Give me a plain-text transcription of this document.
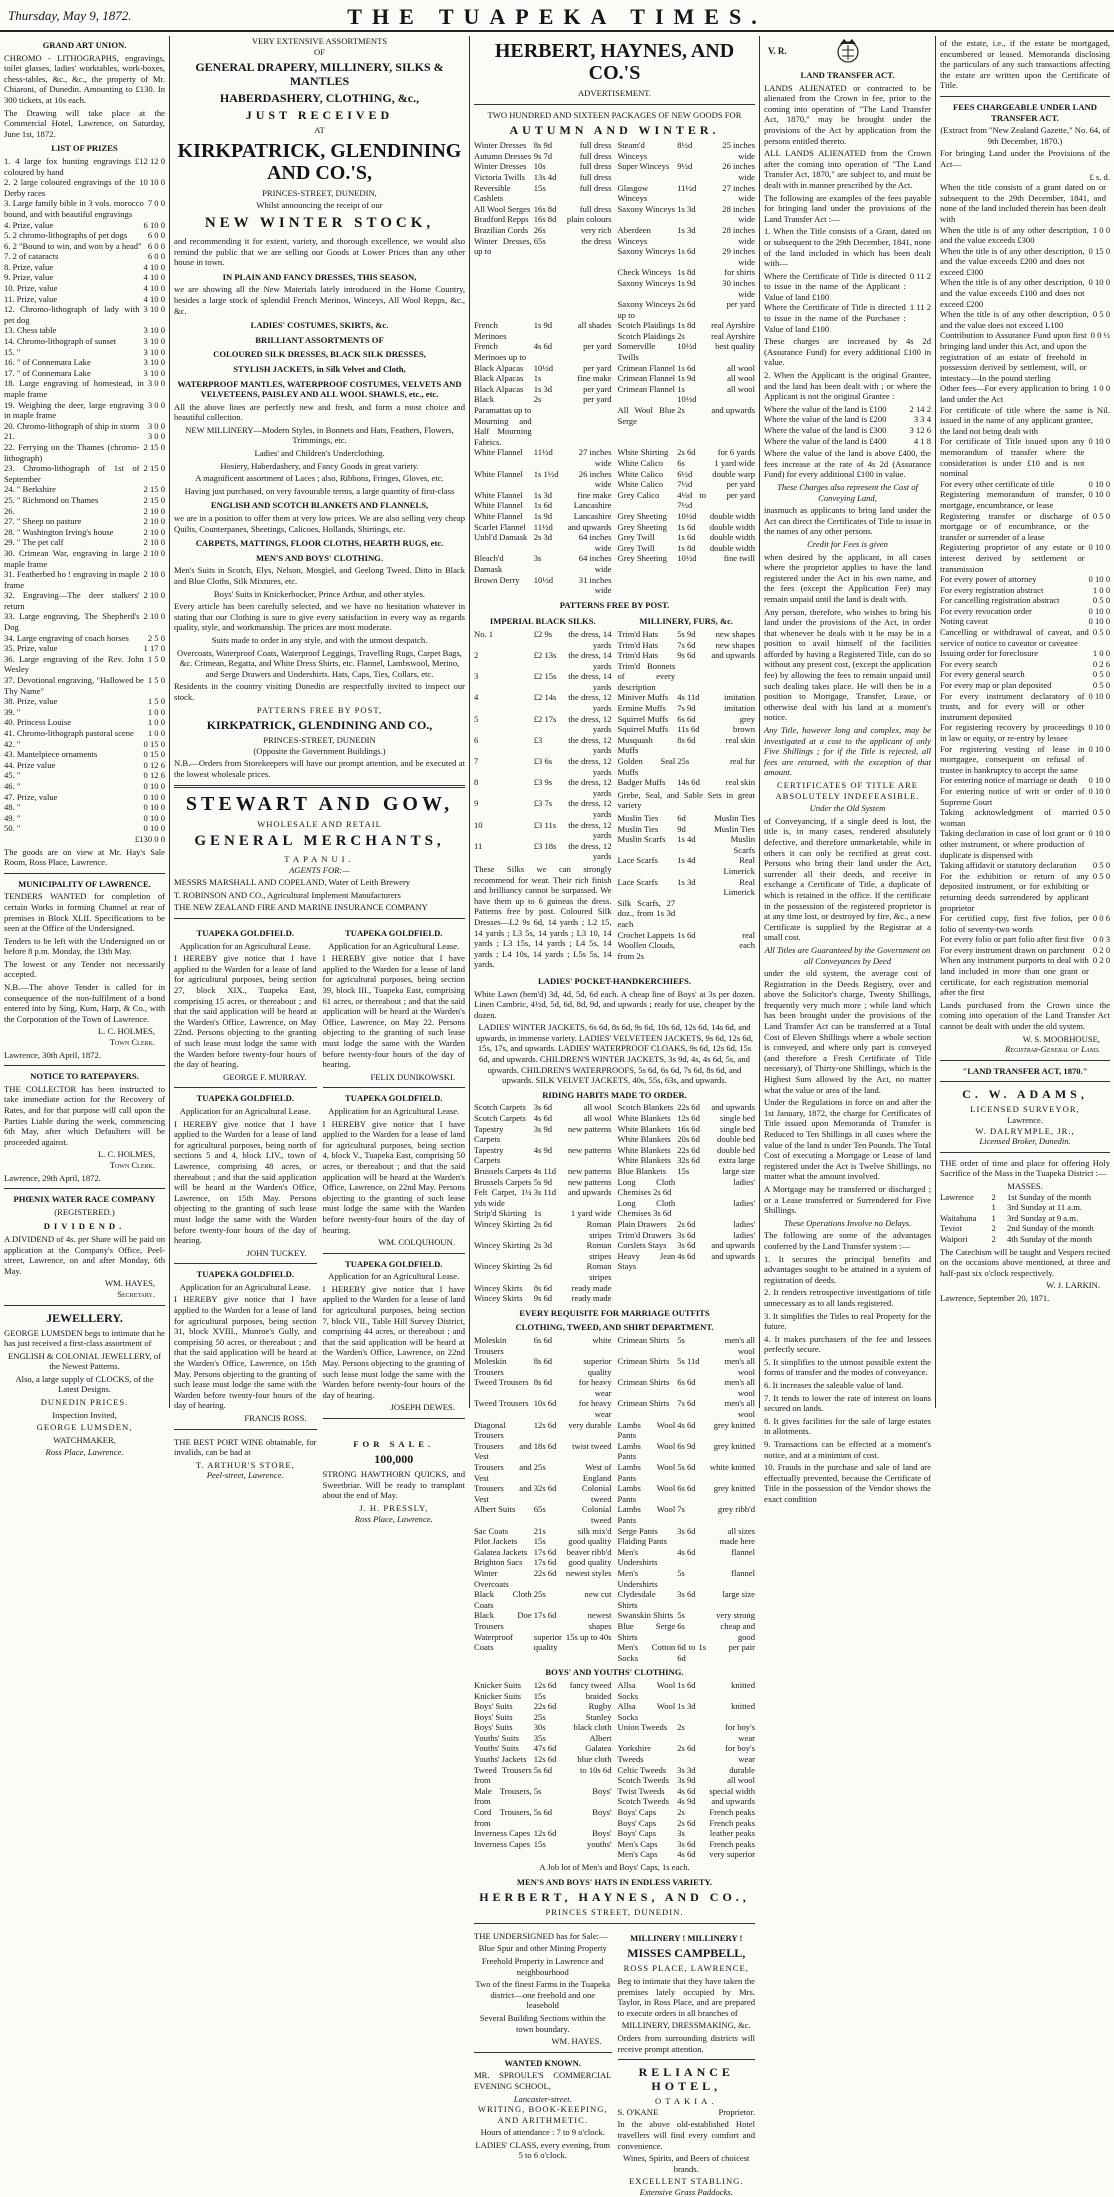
Thursday, May 9, 1872.	THE TUAPEKA TIMES.
GRAND ART UNION.

CHROMO - LITHOGRAPHS, engravings, toilet glasses, ladies' worktables, work-boxes, chess-tables, &c., &c., the property of Mr. Chiaroni, of Dunedin. Amounting to £130. In 300 tickets, at 10s each.

The Drawing will take place at the Commercial Hotel, Lawrence, on Saturday, June 1st, 1872.

LIST OF PRIZES
1. 4 large fox hunting engravings coloured by hand
£12 12 0
2. 2 large coloured engravings of the Derby races
10 10 0
3. Large family bible in 3 vols. morocco bound, and with beautiful engravings
7 0 0
4. Prize, value	6 10 0
5. 2 chromo-lithographs of pet dogs 6 0 0
6. 2 "Bound to win, and won by a head" 6 0 0
7. 2 of cataracts	6 0 0
8. Prize, value	4 10 0
9. Prize, value	4 10 0
10. Prize, value	4 10 0
11. Prize, value	4 10 0
12. Chromo-lithograph of lady with pet dog
3 10 0
13. Chess table	3 10 0
14. Chromo-lithograph of sunset	3 10 0
15. "	3 10 0
16. " of Connemara Lake	3 10 0
17. " of Connemara Lake	3 10 0
18. Large engraving of homestead, in maple frame
3 0 0
19. Weighing the deer, large engraving in maple frame
3 0 0
20. Chromo-lithograph of ship in storm 3 0 0
21.	3 0 0
22. Ferrying on the Thames (chromo-lithograph)
2 15 0
23. Chromo-lithograph of 1st of September
2 15 0
24. " Berkshire	2 15 0
25. " Richmond on Thames	2 15 0
26.	2 10 0
27. " Sheep on pasture	2 10 0
28. " Washington Irving's house	2 10 0
29. " The pet calf	2 10 0
30. Crimean War, engraving in large maple frame
2 10 0
31. Featherbed ho ! engraving in maple frame
2 10 0
32. Engraving—The deer stalkers' return
2 10 0
33. Large engraving, The Shepherd's Dog
2 10 0
34. Large engraving of coach horses 2 5 0
35. Prize, value	1 17 0
36. Large engraving of the Rev. John Wesley
1 5 0
37. Devotional engraving, "Hallowed be Thy Name"
1 5 0
38. Prize, value	1 5 0
39. "	1 0 0
40. Princess Louise	1 0 0
41. Chromo-lithograph pastoral scene 1 0 0
42. "	0 15 0
43. Mantelpiece ornaments	0 15 0
44. Prize value	0 12 6
45. "	0 12 6
46. "	0 10 0
47. Prize, value	0 10 0
48. "	0 10 0
49. "	0 10 0
50. "	0 10 0
£130 0 0

The goods are on view at Mr. Hay's Sale Room, Ross Place, Lawrence.

MUNICIPALITY OF LAWRENCE.

TENDERS WANTED for completion of certain Works in forming Channel at rear of premises in Block XLII. Specifications to be seen at the Office of the Undersigned.

Tenders to be left with the Undersigned on or before 8 p.m. Monday, the 13th May.

The lowest or any Tender not necessarily accepted.

N.B.—The above Tender is called for in consequence of the non-fulfilment of a bond entered into by Sing, Kum, Harp, & Co., with the Corporation of the Town of Lawrence.

L. C. HOLMES,
Town Clerk.

Lawrence, 30th April, 1872.

NOTICE TO RATEPAYERS.

THE COLLECTOR has been instructed to take immediate action for the Recovery of Rates, and for that purpose will call upon the Parties Liable during the week, commencing 6th May, after which Defaulters will be proceeded against.

L. C. HOLMES,
Town Clerk.

Lawrence, 29th April, 1872.

PHŒNIX WATER RACE COMPANY
(REGISTERED.)
DIVIDEND.

A DIVIDEND of 4s. per Share will be paid on application at the Company's Office, Peel-street, Lawrence, on and after Monday, 6th May.

WM. HAYES,
Secretary.
JEWELLERY.

GEORGE LUMSDEN begs to intimate that he has just received a first-class assortment of

ENGLISH & COLONIAL JEWELLERY, of the Newest Patterns.

Also, a large supply of CLOCKS, of the Latest Designs.

DUNEDIN PRICES.

Inspection Invited,

GEORGE LUMSDEN,

WATCHMAKER,

Ross Place, Lawrence.

VERY EXTENSIVE ASSORTMENTS
OF
GENERAL DRAPERY, MILLINERY, SILKS & MANTLES
HABERDASHERY, CLOTHING, &c.,
JUST RECEIVED
AT
KIRKPATRICK, GLENDINING AND CO.'S,
PRINCES-STREET, DUNEDIN,

Whilst announcing the receipt of our

NEW WINTER STOCK,

and recommending it for extent, variety, and thorough excellence, we would also remind the public that we are selling our Goods at Lower Prices than any other house in town.

IN PLAIN AND FANCY DRESSES, THIS SEASON,

we are showing all the New Materials lately introduced in the Home Country, besides a large stock of splendid French Merinos, Winceys, All Wool Repps, &c., &c.

LADIES' COSTUMES, SKIRTS, &c.
BRILLIANT ASSORTMENTS OF
COLOURED SILK DRESSES, BLACK SILK DRESSES,
STYLISH JACKETS, in Silk Velvet and Cloth,
WATERPROOF MANTLES, WATERPROOF COSTUMES, VELVETS AND VELVETEENS, PAISLEY AND ALL WOOL SHAWLS, etc., etc.

All the above lines are perfectly new and fresh, and form a most choice and beautiful collection.

NEW MILLINERY—Modern Styles, in Bonnets and Hats, Feathers, Flowers, Trimmings, etc.

Ladies' and Children's Underclothing.

Hosiery, Haberdashery, and Fancy Goods in great variety.

A magnificent assortment of Laces ; also, Ribbons, Fringes, Gloves, etc.

Having just purchased, on very favourable terms, a large quantity of first-class

ENGLISH AND SCOTCH BLANKETS AND FLANNELS,

we are in a position to offer them at very low prices. We are also selling very cheap Quilts, Counterpanes, Sheetings, Calicoes, Hollands, Shirtings, etc.

CARPETS, MATTINGS, FLOOR CLOTHS, HEARTH RUGS, etc.
MEN'S AND BOYS' CLOTHING.

Men's Suits in Scotch, Elys, Nelson, Mosgiel, and Geelong Tweed. Ditto in Black and Blue Cloths, Silk Mixtures, etc.

Boys' Suits in Knickerbocker, Prince Arthur, and other styles.

Every article has been carefully selected, and we have no hesitation whatever in stating that our Clothing is sure to give every satisfaction in every way as regards quality, style, and workmanship. The prices are most moderate.

Suits made to order in any style, and with the utmost despatch.

Overcoats, Waterproof Coats, Waterproof Leggings, Travelling Rugs, Carpet Bags, &c. Crimean, Regatta, and White Dress Shirts, etc. Flannel, Lambswool, Merino, and Serge Drawers and Undershirts. Hats, Caps, Ties, Collars, etc.

Residents in the country visiting Dunedin are respectfully invited to inspect our stock.

PATTERNS FREE BY POST,
KIRKPATRICK, GLENDINING AND CO.,
PRINCES-STREET, DUNEDIN
(Opposite the Government Buildings.)

N.B.—Orders from Storekeepers will have our prompt attention, and be executed at the lowest wholesale prices.

STEWART AND GOW,
WHOLESALE AND RETAIL
GENERAL MERCHANTS,
TAPANUI.
AGENTS FOR:—

MESSRS MARSHALL AND COPELAND, Water of Leith Brewery

T. ROBINSON AND CO., Agricultural Implement Manufacturers

THE NEW ZEALAND FIRE AND MARINE INSURANCE COMPANY

TUAPEKA GOLDFIELD.
Application for an Agricultural Lease.

I HEREBY give notice that I have applied to the Warden for a lease of land for agricultural purposes, being section 27, block XIX., Tuapeka East, comprising 15 acres, or thereabout ; and that the said application will be heard at the Warden's Office, Lawrence, on May 22nd. Persons objecting to the granting of such lease must lodge the same with the Warden before twenty-four hours of the day of hearing.

GEORGE F. MURRAY.
TUAPEKA GOLDFIELD.
Application for an Agricultural Lease.

I HEREBY give notice that I have applied to the Warden for a lease of land for agricultural purposes, being north of sections 5 and 4, block LIV., town of Lawrence, comprising 48 acres, or thereabout ; and that the said application will be heard at the Warden's Office, Lawrence, on 15th May. Persons objecting to the granting of such lease must lodge the same with the Warden before twenty-four hours of the day of hearing.

JOHN TUCKEY.
TUAPEKA GOLDFIELD.
Application for an Agricultural Lease.

I HEREBY give notice that I have applied to the Warden for a lease of land for agricultural purposes, being section 31, block XVIII., Munroe's Gully, and comprising 50 acres, or thereabout ; and that the said application will be heard at the Warden's Office, Lawrence, on 15th May. Persons objecting to the granting of such lease must lodge the same with the Warden before twenty-four hours of the day of hearing.

FRANCIS ROSS.
TUAPEKA GOLDFIELD.
Application for an Agricultural Lease.

I HEREBY give notice that I have applied to the Warden for a lease of land for agricultural purposes, being section 39, block III., Tuapeka East, comprising 61 acres, or thereabout ; and that the said application will be heard at the Warden's Office, Lawrence, on May 22. Persons objecting to the granting of such lease must lodge the same with the Warden before twenty-four hours of the day of hearing.

FELIX DUNIKOWSKI.
TUAPEKA GOLDFIELD.
Application for an Agricultural Lease.

I HEREBY give notice that I have applied to the Warden for a lease of land for agricultural purposes, being section 4, block V., Tuapeka East, comprising 50 acres, or thereabout ; and that the said application will be heard at the Warden's Office, Lawrence, on 22nd May. Persons objecting to the granting of such lease must lodge the same with the Warden before twenty-four hours of the day of hearing.

WM. COLQUHOUN.
TUAPEKA GOLDFIELD.
Application for an Agricultural Lease.

I HEREBY give notice that I have applied to the Warden for a lease of land for agricultural purposes, being section 7, block VII., Table Hill Survey District, comprising 44 acres, or thereabout ; and that the said application will be heard at the Warden's Office, Lawrence, on 22nd May. Persons objecting to the granting of such lease must lodge the same with the Warden before twenty-four hours of the day of hearing.

JOSEPH DEWES.

THE BEST PORT WINE obtainable, for invalids, can be had at

T. ARTHUR'S STORE,
Peel-street, Lawrence.
FOR SALE.
100,000

STRONG HAWTHORN QUICKS, and Sweetbriar. Will be ready to transplant about the end of May.

J. H. PRESSLY,
Ross Place, Lawrence.
HERBERT, HAYNES, AND CO.'S
ADVERTISEMENT.
TWO HUNDRED AND SIXTEEN PACKAGES OF NEW GOODS FOR
AUTUMN AND WINTER.
Winter Dresses 8s 9d	full dress
Autumn Dresses 9s 7d	full dress
Winter Dresses 10s	full dress
Victoria Twills	13s 4d	full dress
Reversible Cashlets
15s	full dress
All Wool Serges 16s 8d	full dress
Bradford Repps 16s 8d	plain colours
Brazilian Cords 26s	very rich
Winter Dresses, up to
65s	the dress
Steam'd Winceys
8½d	25 inches wide
Super Winceys 9½d	26 inches wide
Glasgow Winceys
11½d	27 inches wide
Saxony Winceys 1s 3d	28 inches wide
Aberdeen Winceys
1s 3d	28 inches wide
Saxony Winceys 1s 6d	29 inches wide
Check Winceys 1s 8d	for shirts
Saxony Winceys 1s 9d	30 inches wide
Saxony Winceys up to
2s 6d	per yard
French Merinoes
1s 9d	all shades
French Merinoes up to
4s 6d	per yard
Black Alpacas	10½d	per yard
Black Alpacas	1s	fine make
Black Alpacas	1s 3d	per yard
Black Paramattas up to
2s	per yard
Mourning and Half Mourning Fabrics.
Scotch Plaidings 1s 8d	real Ayrshire
Scotch Plaidings 2s	real Ayrshire
Somerville Twills
10½d	best quality
Crimean Flannel 1s 6d	all wool
Crimean Flannel 1s 9d	all wool
Crimean Flannel 1s 10½d
all wool
All Wool Blue Serge
2s	and upwards
White Flannel	11½d	27 inches wide
White Flannel	1s 1½d	26 inches wide
White Flannel	1s 3d	fine make
White Flannel	1s 6d	Lancashire
White Flannel	1s 9d	Lancashire
Scarlet Flannel 11½d	and upwards
Unbl'd Damask 2s 3d	64 inches wide
Bleach'd Damask
3s	64 inches wide
Brown Derry	10½d	31 inches wide
White Shirting	2s 6d	for 6 yards
White Calico	6s	1 yard wide
White Calico	6½d	double warp
White Calico	7½d	per yard
Grey Calico	4½d to 7½d
per yard
Grey Sheeting	10½d	double width
Grey Sheeting	1s 6d	double width
Grey Twill	1s 6d	double width
Grey Twill	1s 8d	double width
Grey Sheeting	10½d	fine twill
PATTERNS FREE BY POST.
IMPERIAL BLACK SILKS.
No. 1	£2 9s	the dress, 14 yards
2	£2 13s	the dress, 14 yards
3	£2 15s	the dress, 14 yards
4	£2 14s	the dress, 12 yards
5	£2 17s	the dress, 12 yards
6	£3	the dress, 12 yards
7	£3 6s	the dress, 12 yards
8	£3 9s	the dress, 12 yards
9	£3 7s	the dress, 12 yards
10	£3 11s	the dress, 12 yards
11	£3 18s	the dress, 12 yards

These Silks we can strongly recommend for wear. Their rich finish and brilliancy cannot be surpassed. We have them up to 6 guineas the dress. Patterns free by post. Coloured Silk Dresses—L2 9s 6d, 14 yards ; L2 15, 14 yards ; L3 5s, 14 yards ; L3 10, 14 yards ; L3 15s, 14 yards ; L4 5s, 14 yards ; L4 10s, 14 yards ; L5s 5s, 14 yards.

MILLINERY, FURS, &c.
Trim'd Hats	5s 9d	new shapes
Trim'd Hats	7s 6d	new shapes
Trim'd Hats	9s 6d	and upwards
Trim'd Bonnets of every description
Miniver Muffs	4s 11d	imitation
Ermine Muffs	7s 9d	imitation
Squirrel Muffs	6s 6d	grey
Squirrel Muffs	11s 6d	brown
Musquash Muffs
8s 6d	real skin
Golden Seal Muffs
25s	real fur
Badger Muffs	14s 6d	real skin

Grebe, Seal, and Sable Sets in great variety

Muslin Ties	6d	Muslin Ties
Muslin Ties	9d	Muslin Ties
Muslin Scarfs	1s 4d	Muslin Scarfs
Lace Scarfs	1s 4d	Real Limerick
Lace Scarfs	1s 3d	Real Limerick
Silk Scarfs, 27 doz., from 1s 3d each
Crochet Lappets 1s 6d	real
Woollen Clouds, from 2s
each
LADIES' POCKET-HANDKERCHIEFS.

White Lawn (hem'd) 3d, 4d, 5d, 6d each. A cheap line of Boys' at 3s per dozen. Linen Cambric, 4½d, 5d, 6d, 8d, 9d, and upwards ; ready for use, cheaper by the dozen.

LADIES' WINTER JACKETS, 6s 6d, 8s 6d, 9s 6d, 10s 6d, 12s 6d, 14s 6d, and upwards, in immense variety. LADIES' VELVETEEN JACKETS, 9s 6d, 12s 6d, 15s, 17s, and upwards. LADIES' WATERPROOF CLOAKS, 9s 6d, 12s 6d, 15s 6d, and upwards. CHILDREN'S WINTER JACKETS, 3s 9d, 4s, 4s 6d, 5s, and upwards. CHILDREN'S WATERPROOFS, 5s 6d, 6s 6d, 7s 6d, 8s 6d, and upwards. SILK VELVET JACKETS, 40s, 55s, 63s, and upwards.

RIDING HABITS MADE TO ORDER.
Scotch Carpets 3s 6d	all wool
Scotch Carpets 4s 6d	all wool
Tapestry Carpets
3s 9d	new patterns
Tapestry Carpets
4s 9d	new patterns
Brussels Carpets 4s 11d	new patterns
Brussels Carpets 5s 9d	new patterns
Felt Carpet, 1¼ yds wide
3s 11d	and upwards
Strip'd Skirting 1s	1 yard wide
Wincey Skirting 2s 6d	Roman stripes
Wincey Skirting 2s 3d	Roman stripes
Wincey Skirting 2s 6d	Roman stripes
Wincey Skirts	8s 6d	ready made
Wincey Skirts	9s 6d	ready made
Scotch Blankets 22s 6d	and upwards
White Blankets 12s 6d	single bed
White Blankets 16s 6d	single bed
White Blankets 20s 6d	double bed
White Blankets 22s 6d	double bed
White Blankets 32s 6d	extra large
Blue Blankets	15s	large size
Long Cloth Chemises 2s 6d
ladies'
Long Cloth Chemises 3s 6d
ladies'
Plain Drawers	2s 6d	ladies'
Trim'd Drawers 3s 6d	ladies'
Corslets Stays	3s 6d	and upwards
Heavy Jean Stays
4s 6d	and upwards
EVERY REQUISITE FOR MARRIAGE OUTFITS
CLOTHING, TWEED, AND SHIRT DEPARTMENT.
Moleskin Trousers
6s 6d	white
Moleskin Trousers
8s 6d	superior quality
Tweed Trousers 8s 6d	for heavy wear
Tweed Trousers 10s 6d	for heavy wear
Diagonal Trousers
12s 6d	very durable
Trousers and Vest
18s 6d	twist tweed
Trousers and Vest
25s	West of England
Trousers and Vest
32s 6d	Colonial tweed
Albert Suits	65s	Colonial tweed
Sac Coats	21s	silk mix'd
Pilot Jackets	15s	good quality
Galatea Jackets 17s 6d	beaver ribb'd
Brighton Sacs	17s 6d	good quality
Winter Overcoats
22s 6d	newest styles
Black Cloth Coats
25s	new cut
Black Doe Trousers
17s 6d	newest shapes
Waterproof Coats
superior quality
15s up to 40s
Crimean Shirts 5s	men's all wool
Crimean Shirts 5s 11d	men's all wool
Crimean Shirts 6s 6d	men's all wool
Crimean Shirts 7s 6d	men's all wool
Lambs Wool Pants
4s 6d	grey knitted
Lambs Wool Pants
6s 9d	grey knitted
Lambs Wool Pants
5s 6d	white knitted
Lambs Wool Pants
6s 6d	grey knitted
Lambs Wool Pants
7s	grey ribb'd
Serge Pants	3s 6d	all sizes
Flaiding Pants	made here
Men's Undershirts
4s 6d	flannel
Men's Undershirts
5s	flannel
Clydesdale Shirts
3s 6d	large size
Swanskin Shirts 5s	very strong
Blue Serge Shirts
6s	cheap and good
Men's Cotton Socks
6d to 1s 6d
per pair
BOYS' AND YOUTHS' CLOTHING.
Knicker Suits	12s 6d	fancy tweed
Knicker Suits	15s	braided
Boys' Suits	22s 6d	Rugby
Boys' Suits	25s	Stanley
Boys' Suits	30s	black cloth
Youths' Suits	35s	Albert
Youths' Suits	47s 6d	Galatea
Youths' Jackets 12s 6d	blue cloth
Tweed Trousers from
5s 6d	to 10s 6d
Male Trousers, from
5s	Boys'
Cord Trousers, from
5s 6d	Boys'
Inverness Capes 12s 6d	Boys'
Inverness Capes 15s	youths'
Allsa Wool Socks
1s 6d	knitted
Allsa Wool Socks
1s 3d	knitted
Union Tweeds	2s	for boy's wear
Yorkshire Tweeds
2s 6d	for boy's wear
Celtic Tweeds	3s 3d	durable
Scotch Tweeds 3s 9d	all wool
Twist Tweeds	4s 6d	special width
Scotch Tweeds 4s 9d	and upwards
Boys' Caps	2s	French peaks
Boys' Caps	2s 6d	French peaks
Boys' Caps	3s	leather peaks
Men's Caps	3s 6d	French peaks
Men's Caps	4s 6d	very superior

A Job lot of Men's and Boys' Caps, 1s each.

MEN'S AND BOYS' HATS IN ENDLESS VARIETY.
HERBERT, HAYNES, AND CO.,
PRINCES STREET, DUNEDIN.

THE UNDERSIGNED has for Sale:—

Blue Spur and other Mining Property

Freehold Property in Lawrence and neighbourhood

Two of the finest Farms in the Tuapeka district—one freehold and one leasehold

Several Building Sections within the town boundary.

WM. HAYES.
WANTED KNOWN.

MR. SPROULE'S COMMERCIAL EVENING SCHOOL,

Lancaster-street.
WRITING, BOOK-KEEPING, AND ARITHMETIC.

Hours of attendance : 7 to 9 o'clock.

LADIES' CLASS, every evening, from 5 to 6 o'clock.

MILLINERY ! MILLINERY !
MISSES CAMPBELL,
ROSS PLACE, LAWRENCE,

Beg to intimate that they have taken the premises lately occupied by Mrs. Taylor, in Ross Place, and are prepared to execute orders in all branches of

MILLINERY, DRESSMAKING, &c.

Orders from surrounding districts will receive prompt attention.

RELIANCE HOTEL,
OTAKIA.
S. O'KANE	Proprietor.

In the above old-established Hotel travellers will find every comfort and convenience.

Wines, Spirits, and Beers of choicest brands.

EXCELLENT STABLING.
Extensive Grass Paddocks.
V. R.
LAND TRANSFER ACT.

LANDS ALIENATED or contracted to be alienated from the Crown in fee, prior to the coming into operation of "The Land Transfer Act, 1870," may be brought under the provisions of the Act by application from the persons entitled thereto.

ALL LANDS ALIENATED from the Crown after the coming into operation of "The Land Transfer Act, 1870," are subject to, and must be dealt with in manner prescribed by the Act.

The following are examples of the fees payable for bringing land under the provisions of the Land Transfer Act :—

1. When the Title consists of a Grant, dated on or subsequent to the 29th December, 1841, none of the land included in which has been dealt with—

Where the Certificate of Title is directed to issue in the name of the Applicant : Value of land £100
0 11 2
Where the Certificate of Title is directed to issue in the name of the Purchaser : Value of land £100
1 11 2

These charges are increased by 4s 2d (Assurance Fund) for every additional £100 in value.

2. When the Applicant is the original Grantee, and the land has been dealt with ; or where the Applicant is not the original Grantee :

Where the value of the land is £100	2 14 2
Where the value of the land is £200	3 3 4
Where the value of the land is £300	3 12 6
Where the value of the land is £400	4 1 8

Where the value of the land is above £400, the fees increase at the rate of 4s 2d (Assurance Fund) for every additional £100 in value.

These Charges also represent the Cost of Conveying Land,

inasmuch as applicants to bring land under the Act can direct the Certificates of Title to issue in the names of any other persons.

Credit for Fees is given

when desired by the applicant, in all cases where the proprietor applies to have the land registered under the Act in his own name, and the fees (except the Application Fee) may remain unpaid until the land is dealt with.

Any person, therefore, who wishes to bring his land under the provisions of the Act, in order that whenever he deals with it he may be in a position to avail himself of the facilities afforded by having a Registered Title, can do so without any present cost, (except the application fee) by allowing the fees to remain unpaid until such dealing takes place. He will then be in a position to Mortgage, Transfer, Lease, or otherwise deal with his land at a moment's notice.

Any Title, however long and complex, may be investigated at a cost to the applicant of only Five Shillings ; for if the Title is rejected, all fees are returned, with the exception of that amount.

CERTIFICATES OF TITLE ARE ABSOLUTELY INDEFEASIBLE.

Under the Old System

of Conveyancing, if a single deed is lost, the title is, in many cases, rendered absolutely defective, and therefore unmarketable, while in others it can only be rectified at great cost. Persons who bring their land under the Act, surrender all their deeds, and receive in exchange a Certificate of Title, a duplicate of which is retained in the office. If the certificate in the possession of the registered proprietor is at any time lost, or destroyed by fire, &c., a new Certificate is supplied by the Registrar at a small cost.

All Titles are Guaranteed by the Government on all Conveyances by Deed

under the old system, the average cost of Registration in the Deeds Registry, over and above the Solicitor's charge, Twenty Shillings, frequently very much more ; while land which has been brought under the provisions of the Land Transfer Act can be transferred at a Total Cost of Eleven Shillings where a whole section is conveyed, and where only part is conveyed (and therefore a Fresh Certificate of Title necessary), of Thirty-one Shillings, which is the Highest Sum allowed by the Act, no matter what the value or area of the land.

Under the Regulations in force on and after the 1st January, 1872, the charge for Certificates of Title issued upon Memoranda of Transfer is Reduced to Ten Shillings in all cases where the value of the land is under Ten Pounds. The Total Cost of executing a Mortgage or Lease of land registered under the Act is Twelve Shillings, no matter what the amount involved.

A Mortgage may be transferred or discharged ; or a Lease transferred or Surrendered for Five Shillings.

These Operations Involve no Delays.

The following are some of the advantages conferred by the Land Transfer system :—

1. It secures the principal benefits and advantages sought to be attained in a system of registration of deeds.

2. It renders retrospective investigations of title unnecessary as to all lands registered.

3. It simplifies the Titles to real Property for the future.

4. It makes purchasers of the fee and lessees perfectly secure.

5. It simplifies to the utmost possible extent the forms of transfer and the modes of conveyance.

6. It increases the saleable value of land.

7. It tends to lower the rate of interest on loans secured on lands.

8. It gives facilities for the sale of large estates in allotments.

9. Transactions can be effected at a moment's notice, and at a minimum of cost.

10. Frauds in the purchase and sale of land are effectually prevented, because the Certificate of Title in the possession of the Vendor shows the exact condition

of the estate, i.e., if the estate be mortgaged, encumbered or leased. Memoranda disclosing the particulars of any such transactions affecting the estate are written upon the Certificate of Title.

FEES CHARGEABLE UNDER LAND TRANSFER ACT.

(Extract from "New Zealand Gazette," No. 64, of 9th December, 1870.)

For bringing Land under the Provisions of the Act—

£ s. d.
When the title consists of a grant dated on or subsequent to the 29th December, 1841, and none of the land included therein has been dealt with
When the title is of any other description, and the value exceeds £300
1 0 0
When the title is of any other description, and the value exceeds £200 and does not exceed £300
0 15 0
When the title is of any other description, and the value exceeds £100 and does not exceed £200
0 10 0
When the title is of any other description, and the value does not exceed L100
0 5 0
Contribution to Assurance Fund upon first bringing land under this Act, and upon the registration of an estate of freehold in possession derived by settlement, will, or intestacy—In the pound sterling
0 0 ½
Other fees—For every application to bring land under the Act
1 0 0
For certificate of title where the same is issued in the name of any applicant grantee, the land not being dealt with
Nil.
For certificate of Title issued upon any memorandum of transfer where the consideration is under £10 and is not nominal
0 10 0
For every other certificate of title	0 10 0
Registering memorandum of transfer, mortgage, encumbrance, or lease
0 10 0
Registering transfer or discharge of mortgage or of encumbrance, or the transfer or surrender of a lease
0 5 0
Registering proprietor of any estate or interest derived by settlement or transmission
0 10 0
For every power of attorney	0 10 0
For every registration abstract	1 0 0
For cancelling registration abstract	0 5 0
For every revocation order	0 10 0
Noting caveat	0 10 0
Cancelling or withdrawal of caveat, and service of notice to caveator or caveatee
0 5 0
Issuing order for foreclosure	1 0 0
For every search	0 2 6
For every general search	0 5 0
For every map or plan deposited	0 5 0
For every instrument declaratory of trusts, and for every will or other instrument deposited
0 10 0
For registering recovery by proceedings in law or equity, or re-entry by lessee
0 10 0
For registering vesting of lease in mortgagee, consequent on refusal of trustee in bankruptcy to accept the same
0 10 0
For entering notice of marriage or death 0 10 0
For entering notice of writ or order of Supreme Court
0 10 0
Taking acknowledgment of married woman
0 5 0
Taking declaration in case of lost grant or other instrument, or where production of duplicate is dispensed with
0 10 0
Taking affidavit or statutory declaration 0 5 0
For the exhibition or return of any deposited instrument, or for exhibiting or returning deeds surrendered by applicant proprietor
0 5 0
For certified copy, first five folios, per folio of seventy-two words
0 0 6
For every folio or part folio after first five 0 0 3
For every instrument drawn on parchment 0 2 0
When any instrument purports to deal with land included in more than one grant or certificate, for each registration memorial after the first
0 2 0

Lands purchased from the Crown since the coming into operation of the Land Transfer Act cannot be dealt with under the old system.

W. S. MOORHOUSE,
Registrar-General of Land.
"LAND TRANSFER ACT, 1870."
C. W. ADAMS,
LICENSED SURVEYOR,
Lawrence.
W. DALRYMPLE, JR.,
Licensed Broker, Dunedin.

THE order of time and place for offering Holy Sacrifice of the Mass in the Tuapeka District :—

MASSES.
Lawrence	2	1st Sunday of the month
1	3rd Sunday at 11 a.m.
Waitahuna	1	3rd Sunday at 9 a.m.
Teviot	2	2nd Sunday of the month
Waipori	2	4th Sunday of the month

The Catechism will be taught and Vespers recited on the occasions above mentioned, at three and half-past six o'clock respectively.

W. J. LARKIN.

Lawrence, September 20, 1871.
